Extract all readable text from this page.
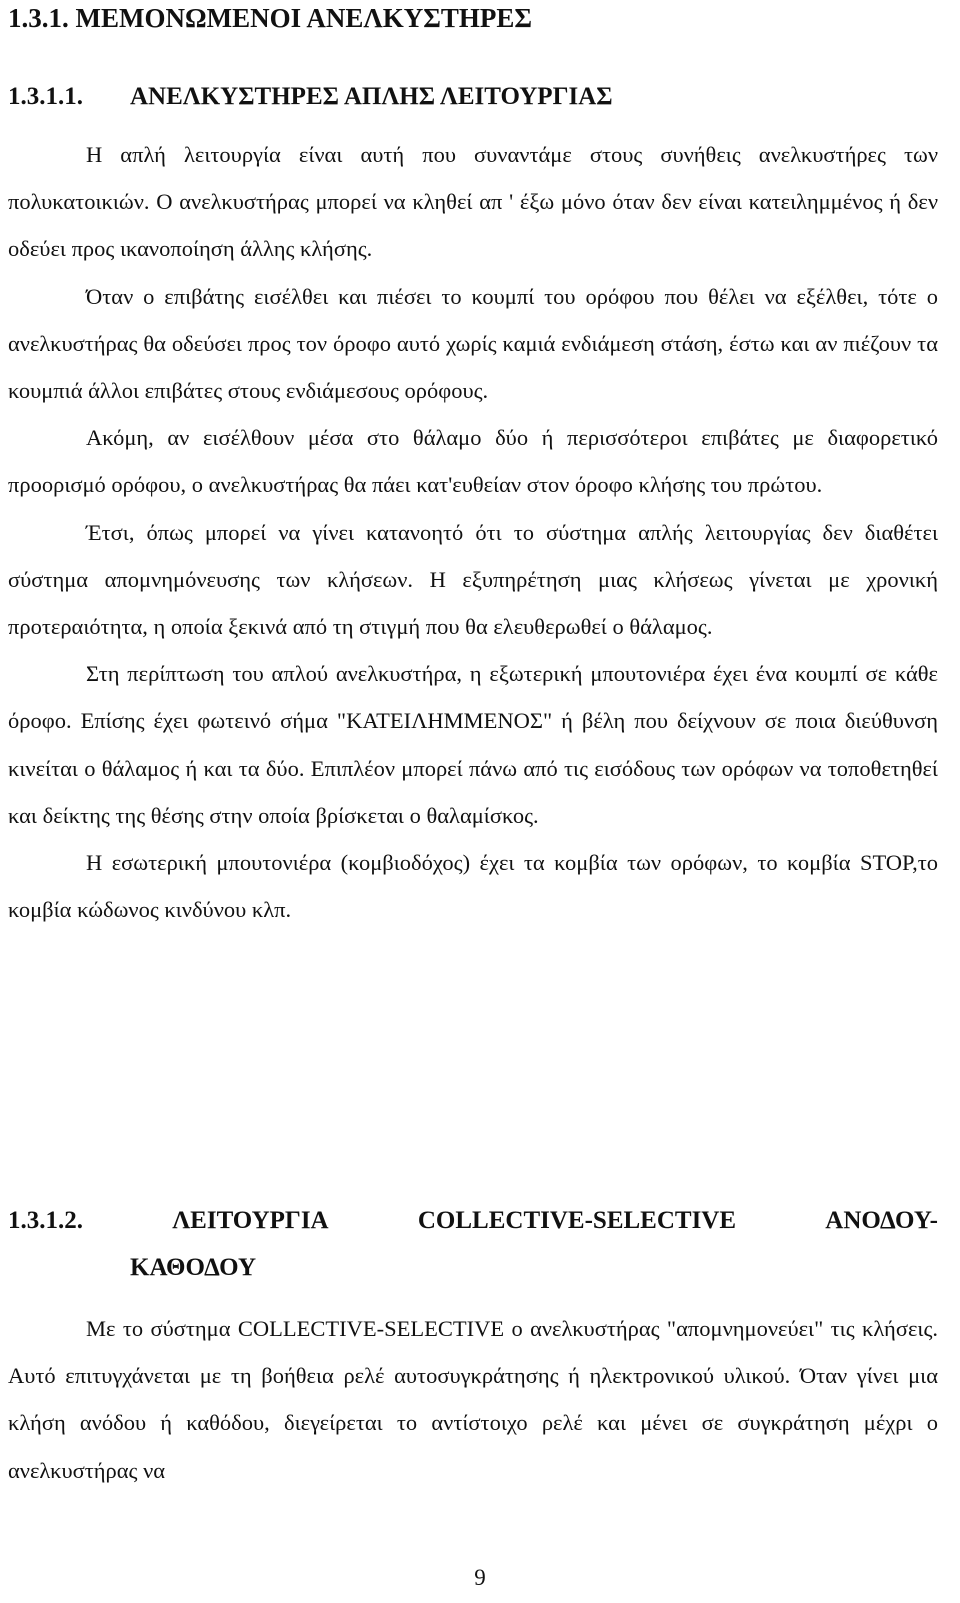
1.3.1. ΜΕΜΟΝΩΜΕΝΟΙ ΑΝΕΛΚΥΣΤΗΡΕΣ
1.3.1.1. ΑΝΕΛΚΥΣΤΗΡΕΣ ΑΠΛΗΣ ΛΕΙΤΟΥΡΓΙΑΣ

Η απλή λειτουργία είναι αυτή που συναντάμε στους συνήθεις ανελκυστήρες των πολυκατοικιών. Ο ανελκυστήρας μπορεί να κληθεί απ ' έξω μόνο όταν δεν είναι κατειλημμένος ή δεν οδεύει προς ικανοποίηση άλλης κλήσης.

Όταν ο επιβάτης εισέλθει και πιέσει το κουμπί του ορόφου που θέλει να εξέλθει, τότε ο ανελκυστήρας θα οδεύσει προς τον όροφο αυτό χωρίς καμιά ενδιάμεση στάση, έστω και αν πιέζουν τα κουμπιά άλλοι επιβάτες στους ενδιάμεσους ορόφους.

Ακόμη, αν εισέλθουν μέσα στο θάλαμο δύο ή περισσότεροι επιβάτες με διαφορετικό προορισμό ορόφου, ο ανελκυστήρας θα πάει κατ'ευθείαν στον όροφο κλήσης του πρώτου.

Έτσι, όπως μπορεί να γίνει κατανοητό ότι το σύστημα απλής λειτουργίας δεν διαθέτει σύστημα απομνημόνευσης των κλήσεων. Η εξυπηρέτηση μιας κλήσεως γίνεται με χρονική προτεραιότητα, η οποία ξεκινά από τη στιγμή που θα ελευθερωθεί ο θάλαμος.

Στη περίπτωση του απλού ανελκυστήρα, η εξωτερική μπουτονιέρα έχει ένα κουμπί σε κάθε όροφο. Επίσης έχει φωτεινό σήμα "ΚΑΤΕΙΛΗΜΜΕΝΟΣ" ή βέλη που δείχνουν σε ποια διεύθυνση κινείται ο θάλαμος ή και τα δύο. Επιπλέον μπορεί πάνω από τις εισόδους των ορόφων να τοποθετηθεί και δείκτης της θέσης στην οποία βρίσκεται ο θαλαμίσκος.

Η εσωτερική μπουτονιέρα (κομβιοδόχος) έχει τα κομβία των ορόφων, το κομβία STOP,το κομβία κώδωνος κινδύνου κλπ.

1.3.1.2.	ΛΕΙΤΟΥΡΓΙΑ	COLLECTIVE-SELECTIVE	ΑΝΟΔΟΥ-
ΚΑΘΟΔΟΥ

Με το σύστημα COLLECTIVE-SELECTIVE ο ανελκυστήρας "απομνημονεύει" τις κλήσεις. Αυτό επιτυγχάνεται με τη βοήθεια ρελέ αυτοσυγκράτησης ή ηλεκτρονικού υλικού. Όταν γίνει μια κλήση ανόδου ή καθόδου, διεγείρεται το αντίστοιχο ρελέ και μένει σε συγκράτηση μέχρι ο ανελκυστήρας να

9
